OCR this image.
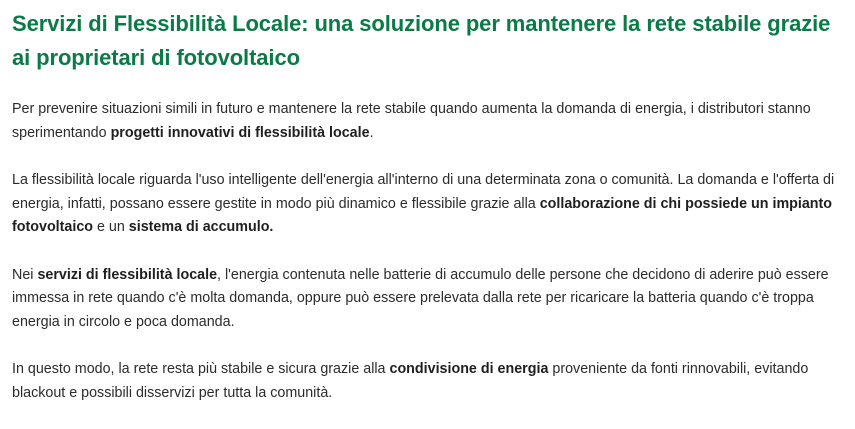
Servizi di Flessibilità Locale: una soluzione per mantenere la rete stabile grazie ai proprietari di fotovoltaico

Per prevenire situazioni simili in futuro e mantenere la rete stabile quando aumenta la domanda di energia, i distributori stanno sperimentando progetti innovativi di flessibilità locale.

La flessibilità locale riguarda l'uso intelligente dell'energia all'interno di una determinata zona o comunità. La domanda e l'offerta di energia, infatti, possano essere gestite in modo più dinamico e flessibile grazie alla collaborazione di chi possiede un impianto fotovoltaico e un sistema di accumulo.

Nei servizi di flessibilità locale, l'energia contenuta nelle batterie di accumulo delle persone che decidono di aderire può essere immessa in rete quando c'è molta domanda, oppure può essere prelevata dalla rete per ricaricare la batteria quando c'è troppa energia in circolo e poca domanda.

In questo modo, la rete resta più stabile e sicura grazie alla condivisione di energia proveniente da fonti rinnovabili, evitando blackout e possibili disservizi per tutta la comunità.
